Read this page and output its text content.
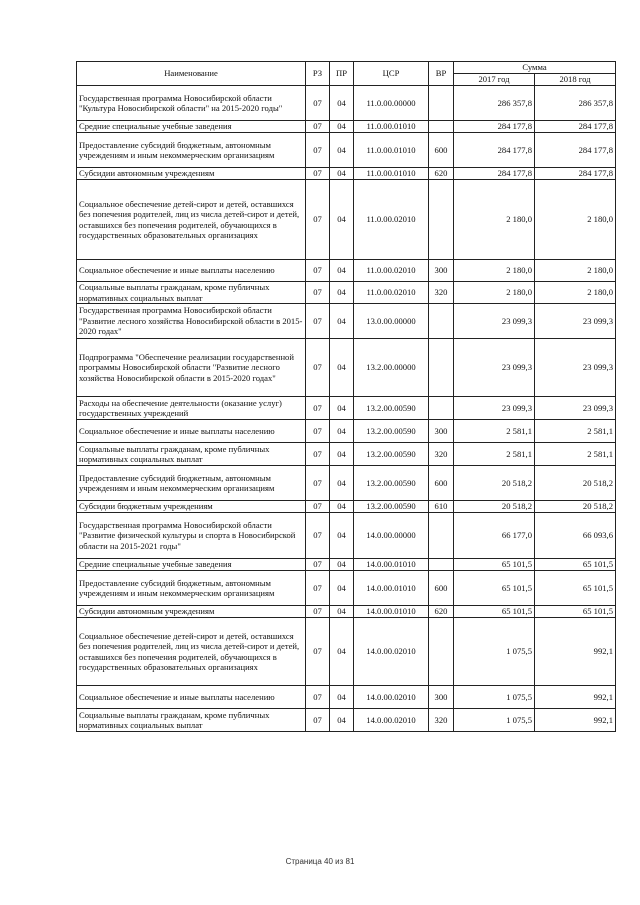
Наименование	РЗ	ПР	ЦСР	ВР	Сумма	
					2017 год	2018 год
Государственная программа Новосибирской области "Культура Новосибирской области" на 2015-2020 годы"	07	04	11.0.00.00000		286 357,8	286 357,8
Средние специальные учебные заведения	07	04	11.0.00.01010		284 177,8	284 177,8
Предоставление субсидий бюджетным, автономным учреждениям и иным некоммерческим организациям	07	04	11.0.00.01010	600	284 177,8	284 177,8
Субсидии автономным учреждениям	07	04	11.0.00.01010	620	284 177,8	284 177,8
Социальное обеспечение детей-сирот и детей, оставшихся без попечения родителей, лиц из числа детей-сирот и детей, оставшихся без попечения родителей, обучающихся в государственных образовательных организациях	07	04	11.0.00.02010		2 180,0	2 180,0
Социальное обеспечение и иные выплаты населению	07	04	11.0.00.02010	300	2 180,0	2 180,0
Социальные выплаты гражданам, кроме публичных нормативных социальных выплат	07	04	11.0.00.02010	320	2 180,0	2 180,0
Государственная программа Новосибирской области "Развитие лесного хозяйства Новосибирской области в 2015-2020 годах"	07	04	13.0.00.00000		23 099,3	23 099,3
Подпрограмма "Обеспечение реализации государственной программы Новосибирской области "Развитие лесного хозяйства Новосибирской области в 2015-2020 годах"	07	04	13.2.00.00000		23 099,3	23 099,3
Расходы на обеспечение деятельности (оказание услуг) государственных учреждений	07	04	13.2.00.00590		23 099,3	23 099,3
Социальное обеспечение и иные выплаты населению	07	04	13.2.00.00590	300	2 581,1	2 581,1
Социальные выплаты гражданам, кроме публичных нормативных социальных выплат	07	04	13.2.00.00590	320	2 581,1	2 581,1
Предоставление субсидий бюджетным, автономным учреждениям и иным некоммерческим организациям	07	04	13.2.00.00590	600	20 518,2	20 518,2
Субсидии бюджетным учреждениям	07	04	13.2.00.00590	610	20 518,2	20 518,2
Государственная программа Новосибирской области "Развитие физической культуры и спорта в Новосибирской области на 2015-2021 годы"	07	04	14.0.00.00000		66 177,0	66 093,6
Средние специальные учебные заведения	07	04	14.0.00.01010		65 101,5	65 101,5
Предоставление субсидий бюджетным, автономным учреждениям и иным некоммерческим организациям	07	04	14.0.00.01010	600	65 101,5	65 101,5
Субсидии автономным учреждениям	07	04	14.0.00.01010	620	65 101,5	65 101,5
Социальное обеспечение детей-сирот и детей, оставшихся без попечения родителей, лиц из числа детей-сирот и детей, оставшихся без попечения родителей, обучающихся в государственных образовательных организациях	07	04	14.0.00.02010		1 075,5	992,1
Социальное обеспечение и иные выплаты населению	07	04	14.0.00.02010	300	1 075,5	992,1
Социальные выплаты гражданам, кроме публичных нормативных социальных выплат	07	04	14.0.00.02010	320	1 075,5	992,1
Страница 40 из 81
